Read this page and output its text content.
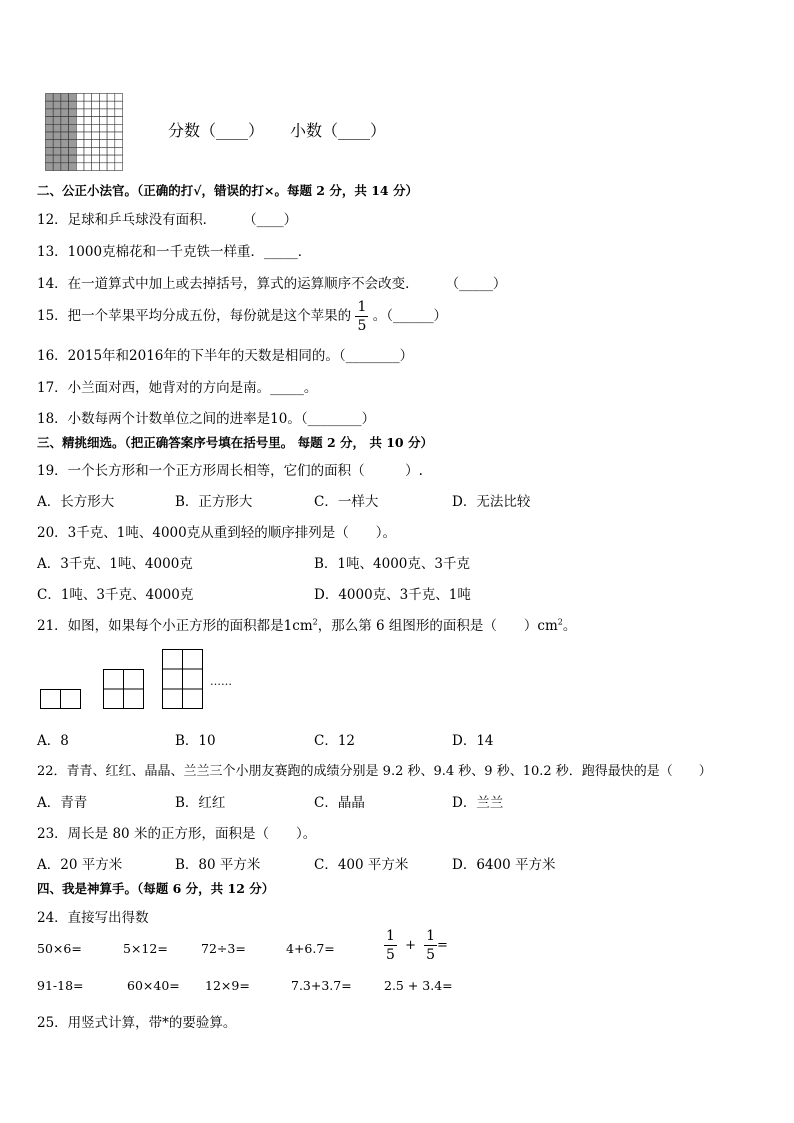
分数（____） 小数（____）
二、公正小法官。（正确的打√，错误的打×。每题 2 分，共 14 分）
12．足球和乒乓球没有面积．　　　（____）
13．1000克棉花和一千克铁一样重．_____．
14．在一道算式中加上或去掉括号，算式的运算顺序不会改变．　　　（_____）
15．把一个苹果平均分成五份，每份就是这个苹果的 $\frac{1}{5}$ 。（______）
16．2015年和2016年的下半年的天数是相同的。（________）
17．小兰面对西，她背对的方向是南。_____。
18．小数每两个计数单位之间的进率是10。（________）
三、精挑细选。（把正确答案序号填在括号里。 每题 2 分， 共 10 分）
19．一个长方形和一个正方形周长相等，它们的面积（　　　）.
A．长方形大	B．正方形大	C．一样大	D．无法比较
20．3千克、1吨、4000克从重到轻的顺序排列是（　　）。
A．3千克、1吨、4000克	B．1吨、4000克、3千克
C．1吨、3千克、4000克	D．4000克、3千克、1吨
21．如图，如果每个小正方形的面积都是$1cm^2$，那么第 6 组图形的面积是（　　）$cm^2$。
……
A．8	B．10	C．12	D．14
22．青青、红红、晶晶、兰兰三个小朋友赛跑的成绩分别是 9.2 秒、9.4 秒、9 秒、10.2 秒．跑得最快的是（　　）
A．青青	B．红红	C．晶晶	D．兰兰
23．周长是 80 米的正方形，面积是（　　）。
A．20 平方米	B．80 平方米	C．400 平方米	D．6400 平方米
四、我是神算手。（每题 6 分，共 12 分）
24．直接写出得数
50×6=	5×12=	72÷3=	4+6.7=	$\frac{1}{5} + \frac{1}{5}$ =
91-18=	60×40= 12×9=	7.3+3.7=	2.5 + 3.4=
25．用竖式计算，带*的要验算。
